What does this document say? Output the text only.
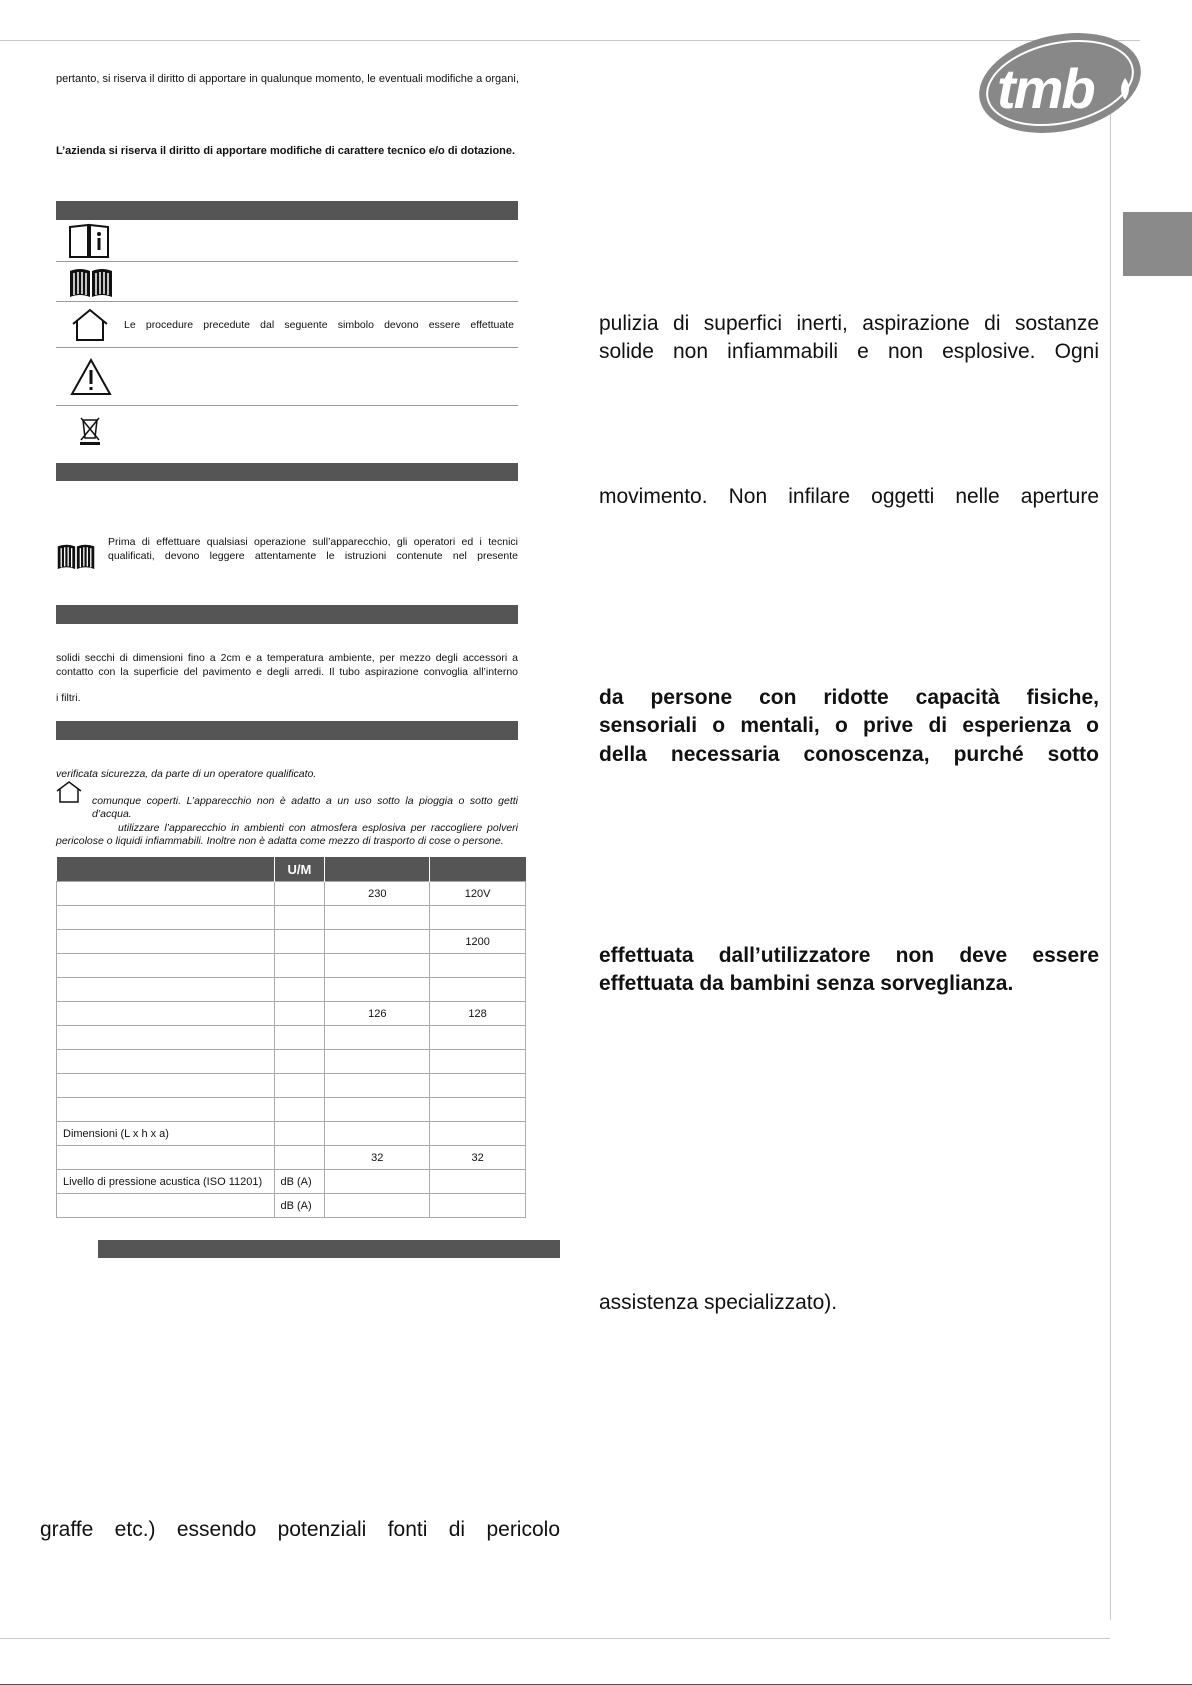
tmb
pertanto, si riserva il diritto di apportare in qualunque momento, le eventuali modifiche a organi,
L’azienda si riserva il diritto di apportare modifiche di carattere tecnico e/o di dotazione.
Le procedure precedute dal seguente simbolo devono essere effettuate
Prima di effettuare qualsiasi operazione sull’apparecchio, gli operatori ed i tecnici qualificati, devono leggere attentamente le istruzioni contenute nel presente
solidi secchi di dimensioni fino a 2cm e a temperatura ambiente, per mezzo degli accessori a
contatto con la superficie del pavimento e degli arredi. Il tubo aspirazione convoglia all’interno
i filtri.
verificata sicurezza, da parte di un operatore qualificato.
comunque coperti. L’apparecchio non è adatto a un uso sotto la pioggia o sotto getti
d’acqua.
utilizzare l’apparecchio in ambienti con atmosfera esplosiva per raccogliere polveri
pericolose o liquidi infiammabili. Inoltre non è adatta come mezzo di trasporto di cose o persone.
	U/M		
		230	120V

			1200

		126	128

Dimensioni (L x h x a)			
		32	32
Livello di pressione acustica (ISO 11201)	dB (A)		
	dB (A)		
graffe etc.) essendo potenziali fonti di pericolo
pulizia di superfici inerti, aspirazione di sostanze
solide non infiammabili e non esplosive. Ogni
movimento. Non infilare oggetti nelle aperture
da persone con ridotte capacità fisiche,
sensoriali o mentali, o prive di esperienza o
della necessaria conoscenza, purché sotto
effettuata dall’utilizzatore non deve essere
effettuata da bambini senza sorveglianza.
assistenza specializzato).
